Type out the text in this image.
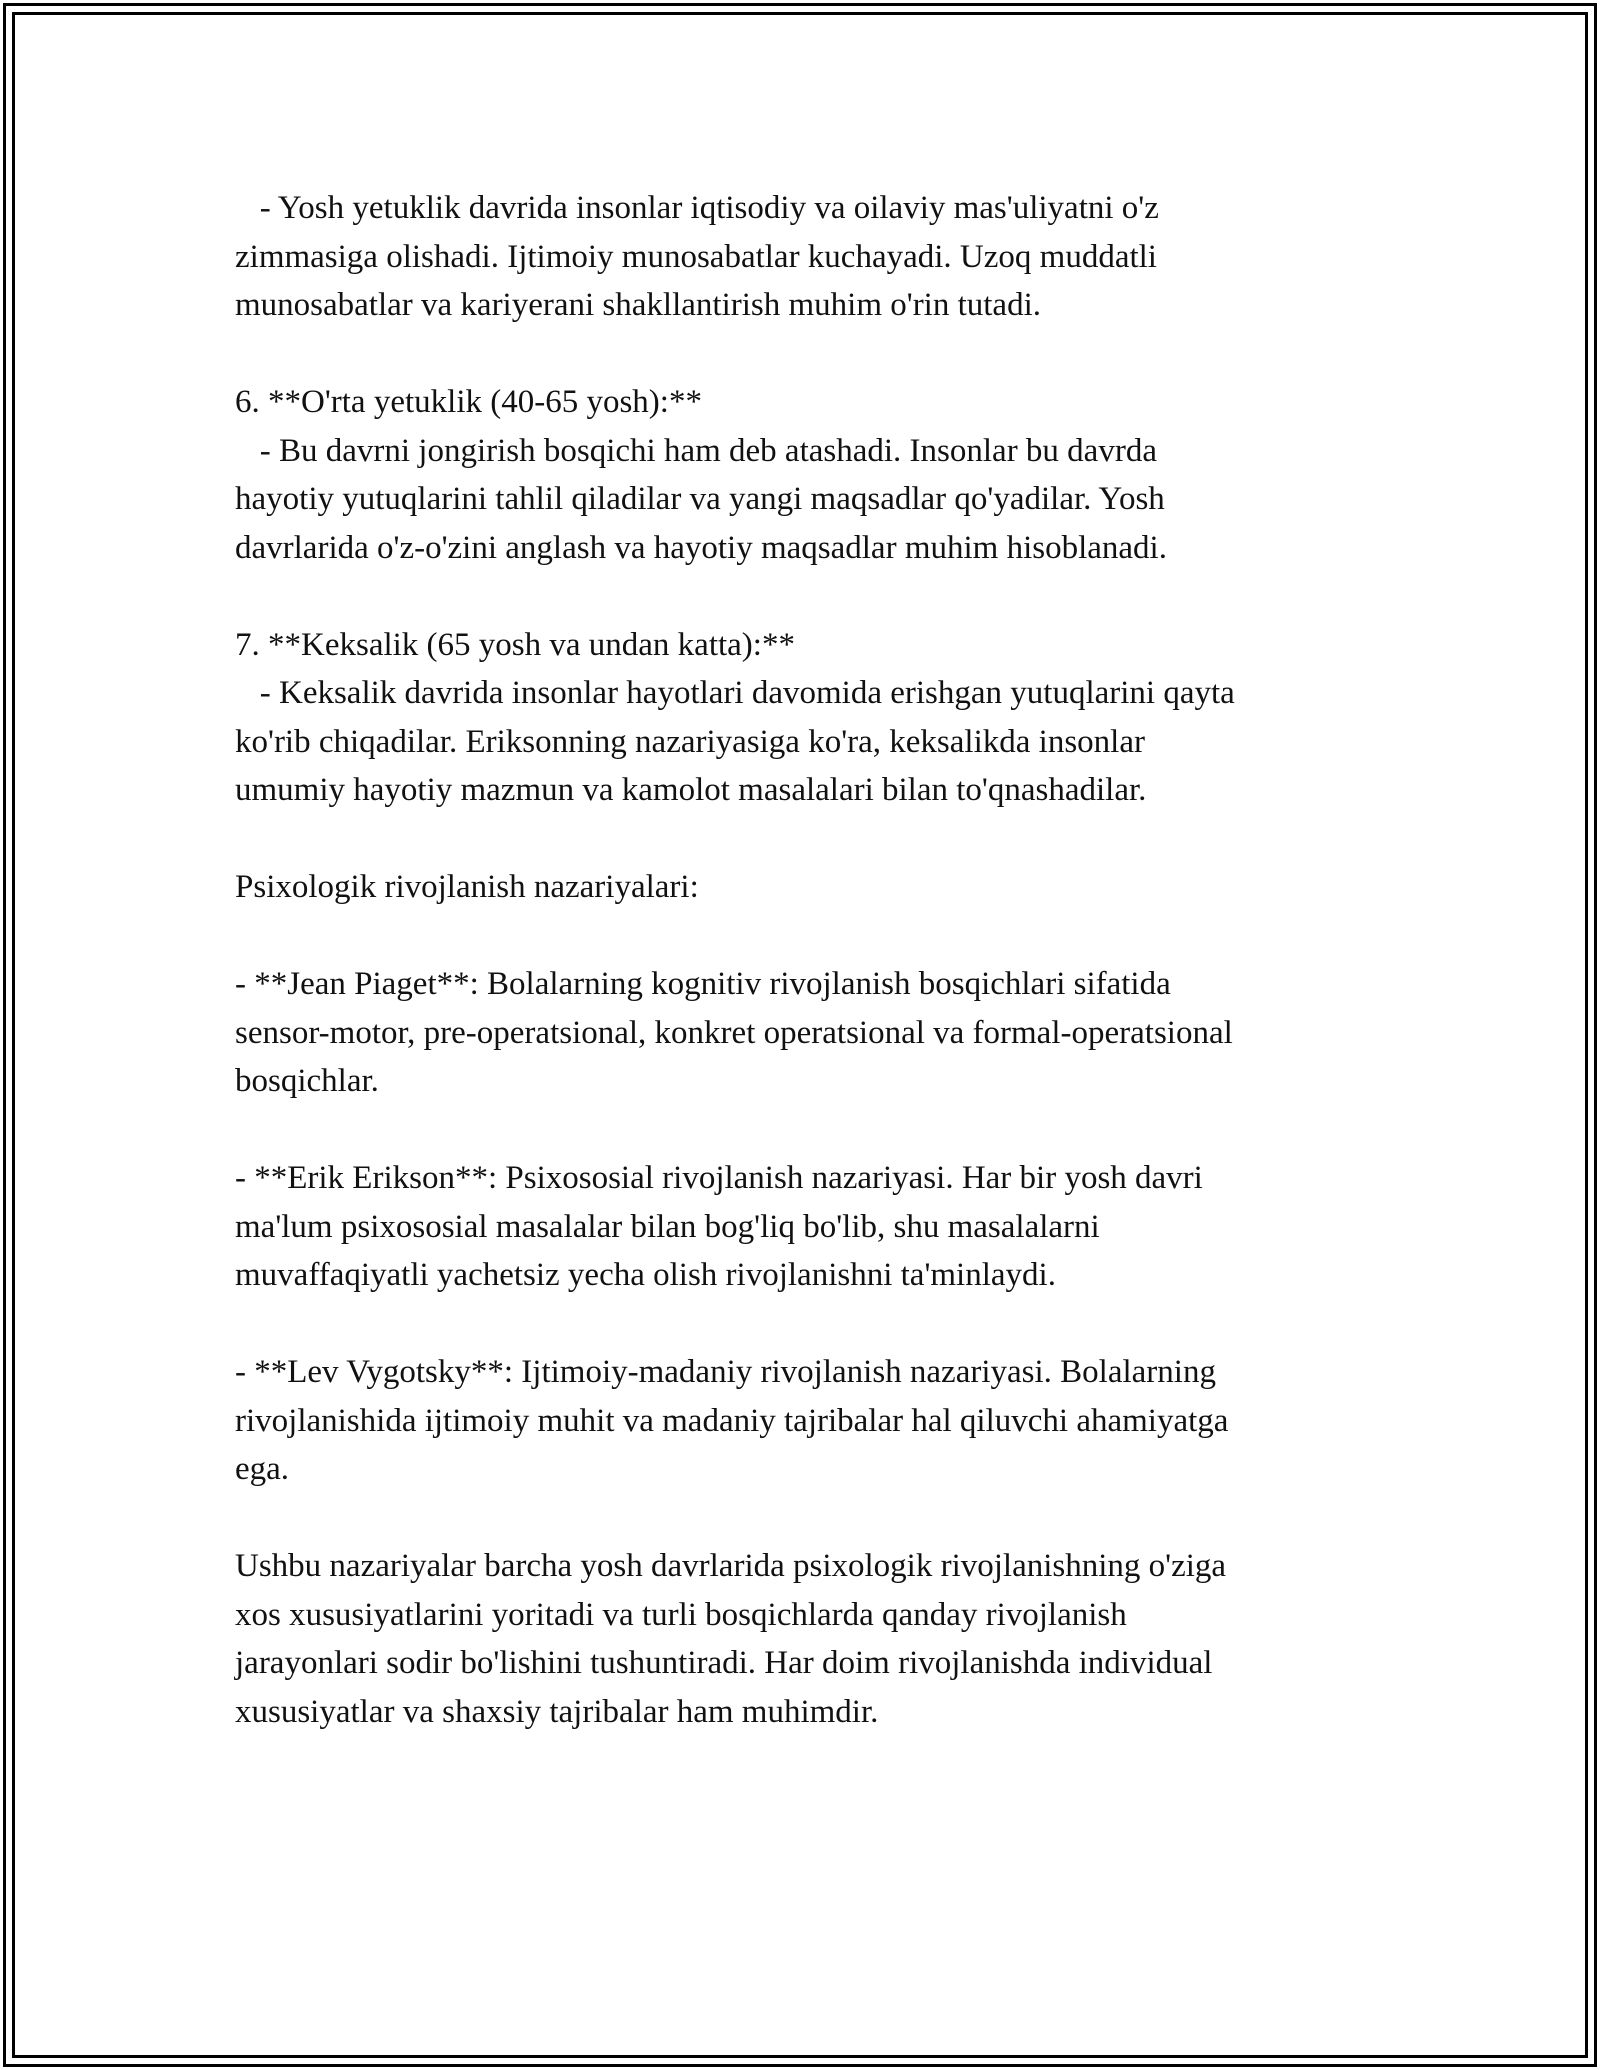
- Yosh yetuklik davrida insonlar iqtisodiy va oilaviy mas'uliyatni o'z
zimmasiga olishadi. Ijtimoiy munosabatlar kuchayadi. Uzoq muddatli
munosabatlar va kariyerani shakllantirish muhim o'rin tutadi.
6. **O'rta yetuklik (40-65 yosh):**
- Bu davrni jongirish bosqichi ham deb atashadi. Insonlar bu davrda
hayotiy yutuqlarini tahlil qiladilar va yangi maqsadlar qo'yadilar. Yosh
davrlarida o'z-o'zini anglash va hayotiy maqsadlar muhim hisoblanadi.
7. **Keksalik (65 yosh va undan katta):**
- Keksalik davrida insonlar hayotlari davomida erishgan yutuqlarini qayta
ko'rib chiqadilar. Eriksonning nazariyasiga ko'ra, keksalikda insonlar
umumiy hayotiy mazmun va kamolot masalalari bilan to'qnashadilar.
Psixologik rivojlanish nazariyalari:
- **Jean Piaget**: Bolalarning kognitiv rivojlanish bosqichlari sifatida
sensor-motor, pre-operatsional, konkret operatsional va formal-operatsional
bosqichlar.
- **Erik Erikson**: Psixososial rivojlanish nazariyasi. Har bir yosh davri
ma'lum psixososial masalalar bilan bog'liq bo'lib, shu masalalarni
muvaffaqiyatli yachetsiz yecha olish rivojlanishni ta'minlaydi.
- **Lev Vygotsky**: Ijtimoiy-madaniy rivojlanish nazariyasi. Bolalarning
rivojlanishida ijtimoiy muhit va madaniy tajribalar hal qiluvchi ahamiyatga
ega.
Ushbu nazariyalar barcha yosh davrlarida psixologik rivojlanishning o'ziga
xos xususiyatlarini yoritadi va turli bosqichlarda qanday rivojlanish
jarayonlari sodir bo'lishini tushuntiradi. Har doim rivojlanishda individual
xususiyatlar va shaxsiy tajribalar ham muhimdir.
